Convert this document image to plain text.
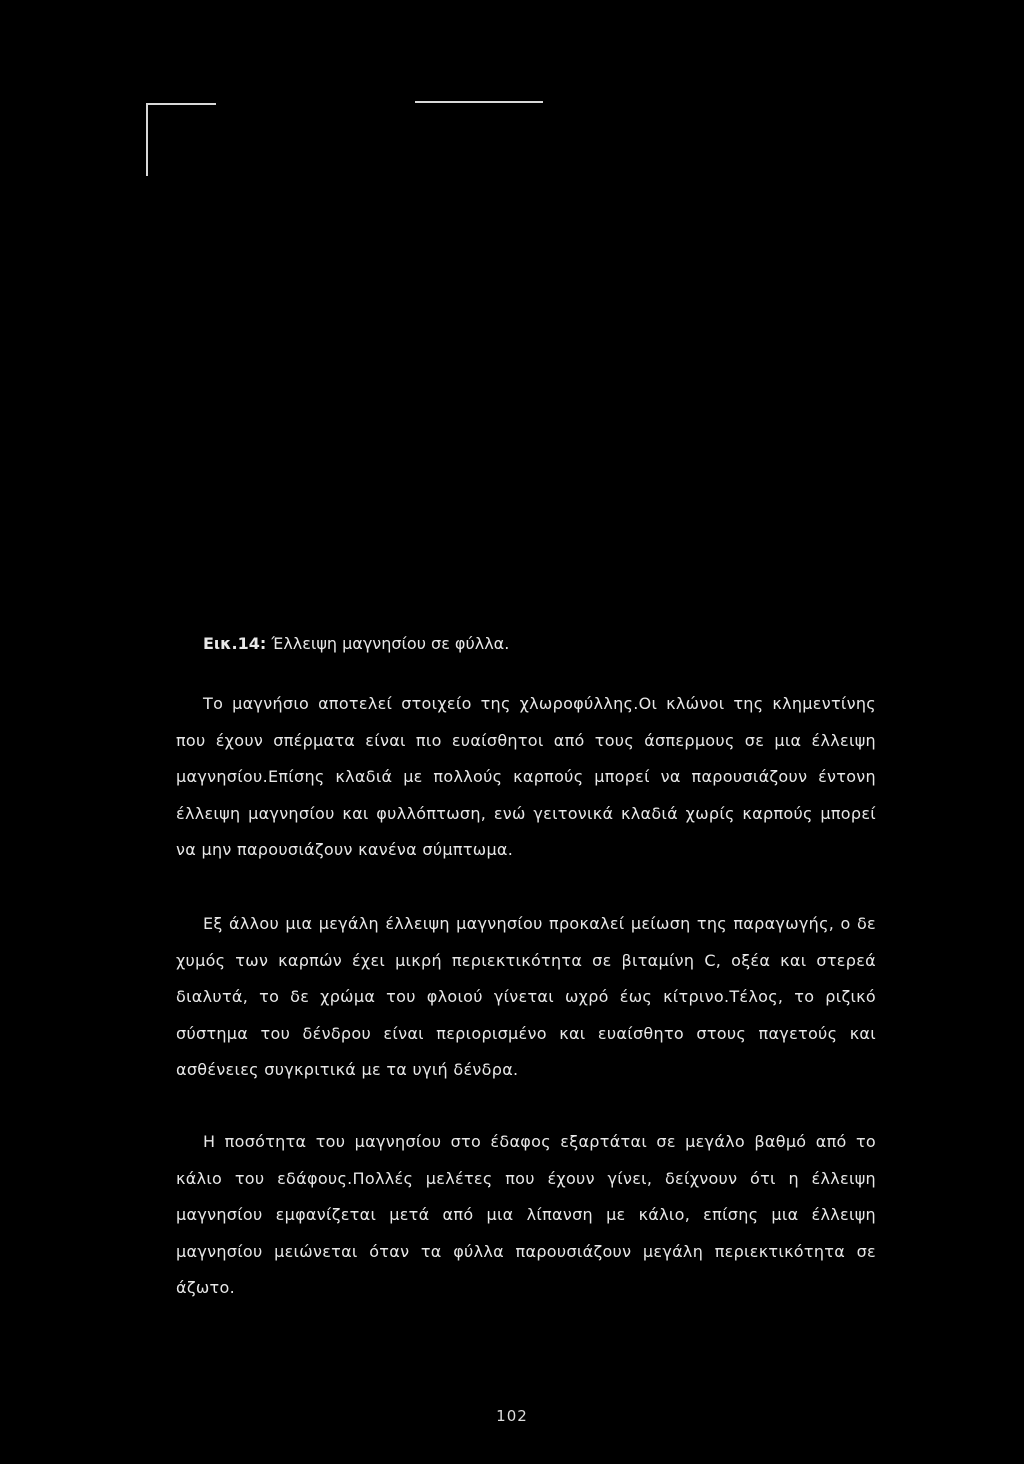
Εικ.14: Έλλειψη μαγνησίου σε φύλλα.

Το μαγνήσιο αποτελεί στοιχείο της χλωροφύλλης.Οι κλώνοι της κλημεντίνης που έχουν σπέρματα είναι πιο ευαίσθητοι από τους άσπερμους σε μια έλλειψη μαγνησίου.Επίσης κλαδιά με πολλούς καρπούς μπορεί να παρουσιάζουν έντονη έλλειψη μαγνησίου και φυλλόπτωση, ενώ γειτονικά κλαδιά χωρίς καρπούς μπορεί να μην παρουσιάζουν κανένα σύμπτωμα.

Εξ άλλου μια μεγάλη έλλειψη μαγνησίου προκαλεί μείωση της παραγωγής, ο δε χυμός των καρπών έχει μικρή περιεκτικότητα σε βιταμίνη C, οξέα και στερεά διαλυτά, το δε χρώμα του φλοιού γίνεται ωχρό έως κίτρινο.Τέλος, το ριζικό σύστημα του δένδρου είναι περιορισμένο και ευαίσθητο στους παγετούς και ασθένειες συγκριτικά με τα υγιή δένδρα.

Η ποσότητα του μαγνησίου στο έδαφος εξαρτάται σε μεγάλο βαθμό από το κάλιο του εδάφους.Πολλές μελέτες που έχουν γίνει, δείχνουν ότι η έλλειψη μαγνησίου εμφανίζεται μετά από μια λίπανση με κάλιο, επίσης μια έλλειψη μαγνησίου μειώνεται όταν τα φύλλα παρουσιάζουν μεγάλη περιεκτικότητα σε άζωτο.

102
